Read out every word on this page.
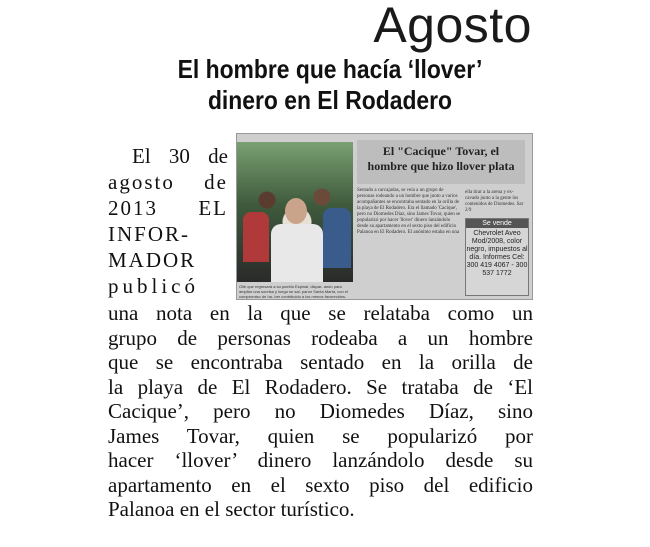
Agosto
El hombre que hacía ‘llover’
dinero en El Rodadero
Ollé que regresará a su pueblo Espinal, dispar- ando para ampliar una sonrisa y luego se sal- paron Santa Marta, con el compromiso de ha- ber contribuido a los menos favorecidos.
El "Cacique" Tovar, el
hombre que hizo llover plata
Sentado a carcajadas, se veía a un grupo de personas rodeando a un hombre que junto a varios acompañantes se encontraba sentado en la orilla de la playa de El Rodadero. Era el llamado 'Cacique', pero no Diomedes Díaz, sino James Tovar, quien se popularizó por hacer 'llover' dinero lanzándolo desde su apartamento en el sexto piso del edificio Palanoa en El Rodadero. El anónimo estaba en una
ella tirar a la arena y ex- cavado junto a la gente los contenidos de Diomedes. Sar 2/9
Se vende
Chevrolet Aveo Mod/2008, color negro, impuestos al día. Informes Cel: 300 419 4067 - 300 537 1772
El 30 de
agosto de
2013 EL
INFOR-
MADOR
publicó
una nota en la que se relataba como un
grupo de personas rodeaba a un hombre
que se encontraba sentado en la orilla de
la playa de El Rodadero. Se trataba de ‘El
Cacique’, pero no Diomedes Díaz, sino
James Tovar, quien se popularizó por
hacer ‘llover’ dinero lanzándolo desde su
apartamento en el sexto piso del edificio
Palanoa en el sector turístico.
